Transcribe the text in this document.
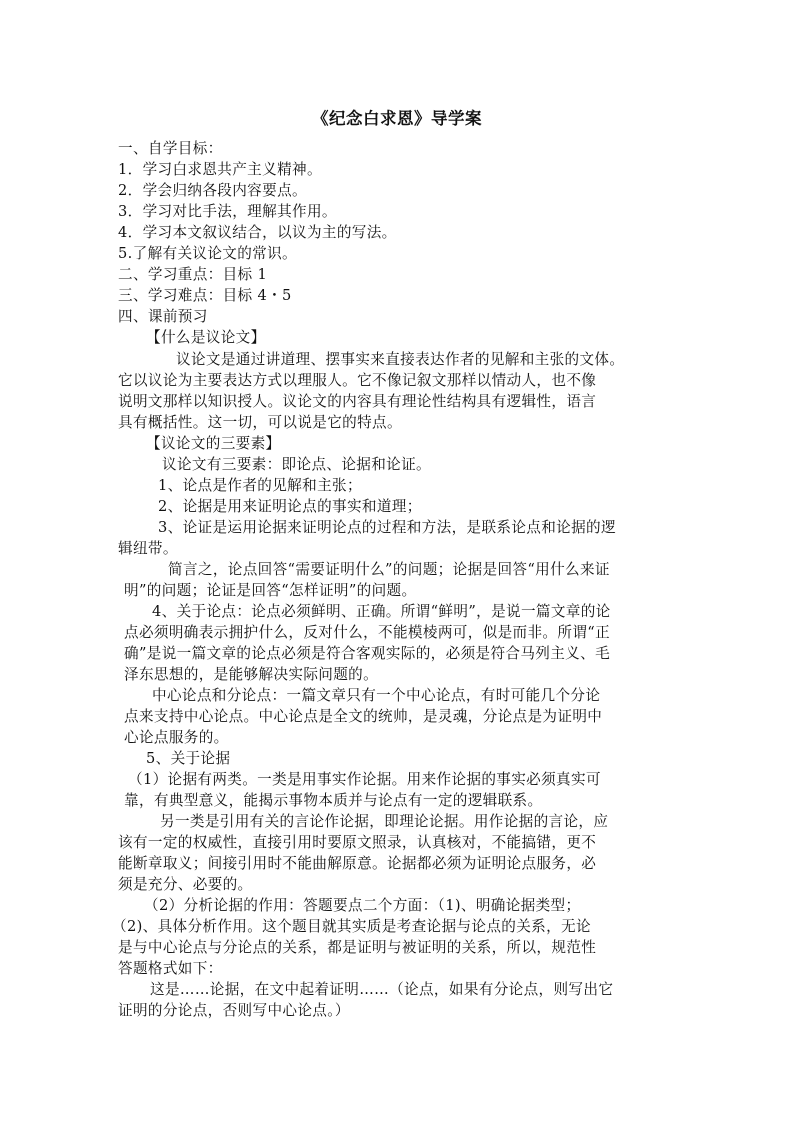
《纪念白求恩》导学案
一、自学目标：
1．学习白求恩共产主义精神。
2．学会归纳各段内容要点。
3．学习对比手法，理解其作用。
4．学习本文叙议结合，以议为主的写法。
5.了解有关议论文的常识。
二、学习重点：目标 1
三、学习难点：目标 4・5
四、课前预习
【什么是议论文】
议论文是通过讲道理、摆事实来直接表达作者的见解和主张的文体。
它以议论为主要表达方式以理服人。它不像记叙文那样以情动人，也不像
说明文那样以知识授人。议论文的内容具有理论性结构具有逻辑性，语言
具有概括性。这一切，可以说是它的特点。
【议论文的三要素】
议论文有三要素：即论点、论据和论证。
1、论点是作者的见解和主张；
2、论据是用来证明论点的事实和道理；
3、论证是运用论据来证明论点的过程和方法，是联系论点和论据的逻
辑纽带。
简言之，论点回答“需要证明什么”的问题；论据是回答“用什么来证
明”的问题；论证是回答“怎样证明”的问题。
4、关于论点：论点必须鲜明、正确。所谓“鲜明”，是说一篇文章的论
点必须明确表示拥护什么，反对什么，不能模棱两可，似是而非。所谓“正
确”是说一篇文章的论点必须是符合客观实际的，必须是符合马列主义、毛
泽东思想的，是能够解决实际问题的。
中心论点和分论点：一篇文章只有一个中心论点，有时可能几个分论
点来支持中心论点。中心论点是全文的统帅，是灵魂，分论点是为证明中
心论点服务的。
5、关于论据
（1）论据有两类。一类是用事实作论据。用来作论据的事实必须真实可
靠，有典型意义，能揭示事物本质并与论点有一定的逻辑联系。
另一类是引用有关的言论作论据，即理论论据。用作论据的言论，应
该有一定的权威性，直接引用时要原文照录，认真核对，不能搞错，更不
能断章取义；间接引用时不能曲解原意。论据都必须为证明论点服务，必
须是充分、必要的。
（2）分析论据的作用：答题要点二个方面：（1)、明确论据类型；
（2)、具体分析作用。这个题目就其实质是考查论据与论点的关系，无论
是与中心论点与分论点的关系，都是证明与被证明的关系，所以，规范性
答题格式如下：
这是……论据，在文中起着证明……（论点，如果有分论点，则写出它
证明的分论点，否则写中心论点。）
